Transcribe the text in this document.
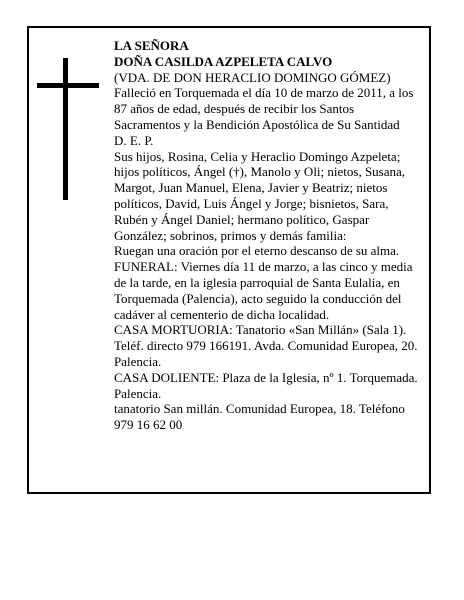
LA SEÑORA

DOÑA CASILDA AZPELETA CALVO

(VDA. DE DON HERACLIO DOMINGO GÓMEZ)

Falleció en Torquemada el día 10 de marzo de 2011, a los 87 años de edad, después de recibir los Santos Sacramentos y la Bendición Apostólica de Su Santidad

D. E. P.

Sus hijos, Rosina, Celia y Heraclio Domingo Azpeleta; hijos políticos, Ángel (†), Manolo y Oli; nietos, Susana, Margot, Juan Manuel, Elena, Javier y Beatriz; nietos políticos, David, Luis Ángel y Jorge; bisnietos, Sara, Rubén y Ángel Daniel; hermano político, Gaspar González; sobrinos, primos y demás familia:

Ruegan una oración por el eterno descanso de su alma.

FUNERAL: Viernes día 11 de marzo, a las cinco y media de la tarde, en la iglesia parroquial de Santa Eulalia, en Torquemada (Palencia), acto seguido la conducción del cadáver al cementerio de dicha localidad.

CASA MORTUORIA: Tanatorio «San Millán» (Sala 1). Teléf. directo 979 166191. Avda. Comunidad Europea, 20. Palencia.

CASA DOLIENTE: Plaza de la Iglesia, nº 1. Torquemada. Palencia.

tanatorio San millán. Comunidad Europea, 18. Teléfono 979 16 62 00
